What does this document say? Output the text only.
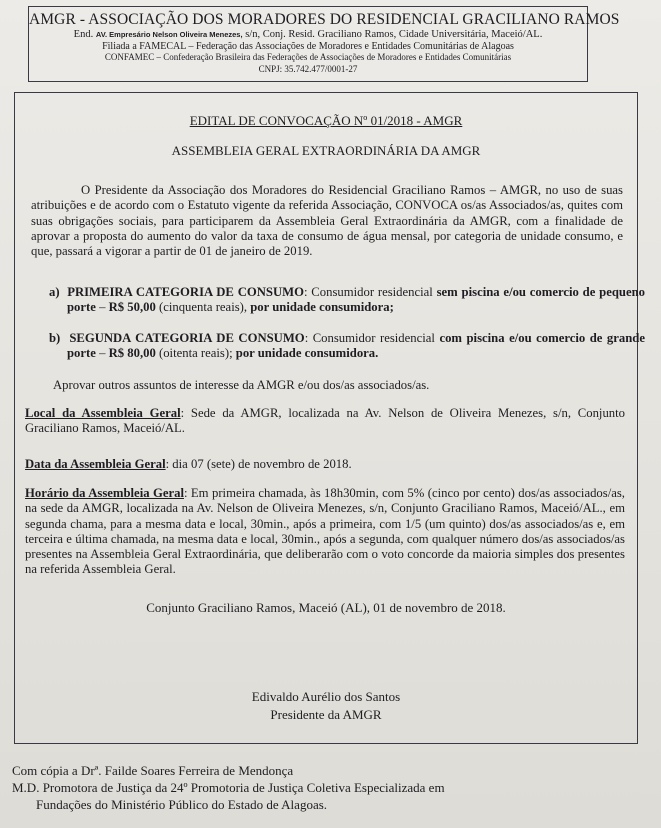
AMGR - ASSOCIAÇÃO DOS MORADORES DO RESIDENCIAL GRACILIANO RAMOS
End. AV. Empresário Nelson Oliveira Menezes, s/n, Conj. Resid. Graciliano Ramos, Cidade Universitária, Maceió/AL.
Filiada a FAMECAL – Federação das Associações de Moradores e Entidades Comunitárias de Alagoas
CONFAMEC – Confederação Brasileira das Federações de Associações de Moradores e Entidades Comunitárias
CNPJ: 35.742.477/0001-27
EDITAL DE CONVOCAÇÃO Nº 01/2018 - AMGR
ASSEMBLEIA GERAL EXTRAORDINÁRIA DA AMGR
O Presidente da Associação dos Moradores do Residencial Graciliano Ramos – AMGR, no uso de suas atribuições e de acordo com o Estatuto vigente da referida Associação, CONVOCA os/as Associados/as, quites com suas obrigações sociais, para participarem da Assembleia Geral Extraordinária da AMGR, com a finalidade de aprovar a proposta do aumento do valor da taxa de consumo de água mensal, por categoria de unidade consumo, e que, passará a vigorar a partir de 01 de janeiro de 2019.
a) PRIMEIRA CATEGORIA DE CONSUMO: Consumidor residencial sem piscina e/ou comercio de pequeno porte – R$ 50,00 (cinquenta reais), por unidade consumidora;
b) SEGUNDA CATEGORIA DE CONSUMO: Consumidor residencial com piscina e/ou comercio de grande porte – R$ 80,00 (oitenta reais); por unidade consumidora.
Aprovar outros assuntos de interesse da AMGR e/ou dos/as associados/as.
Local da Assembleia Geral: Sede da AMGR, localizada na Av. Nelson de Oliveira Menezes, s/n, Conjunto Graciliano Ramos, Maceió/AL.
Data da Assembleia Geral: dia 07 (sete) de novembro de 2018.
Horário da Assembleia Geral: Em primeira chamada, às 18h30min, com 5% (cinco por cento) dos/as associados/as, na sede da AMGR, localizada na Av. Nelson de Oliveira Menezes, s/n, Conjunto Graciliano Ramos, Maceió/AL., em segunda chama, para a mesma data e local, 30min., após a primeira, com 1/5 (um quinto) dos/as associados/as e, em terceira e última chamada, na mesma data e local, 30min., após a segunda, com qualquer número dos/as associados/as presentes na Assembleia Geral Extraordinária, que deliberarão com o voto concorde da maioria simples dos presentes na referida Assembleia Geral.
Conjunto Graciliano Ramos, Maceió (AL), 01 de novembro de 2018.
Edivaldo Aurélio dos Santos
Presidente da AMGR
Com cópia a Drª. Failde Soares Ferreira de Mendonça
M.D. Promotora de Justiça da 24º Promotoria de Justiça Coletiva Especializada em
Fundações do Ministério Público do Estado de Alagoas.
